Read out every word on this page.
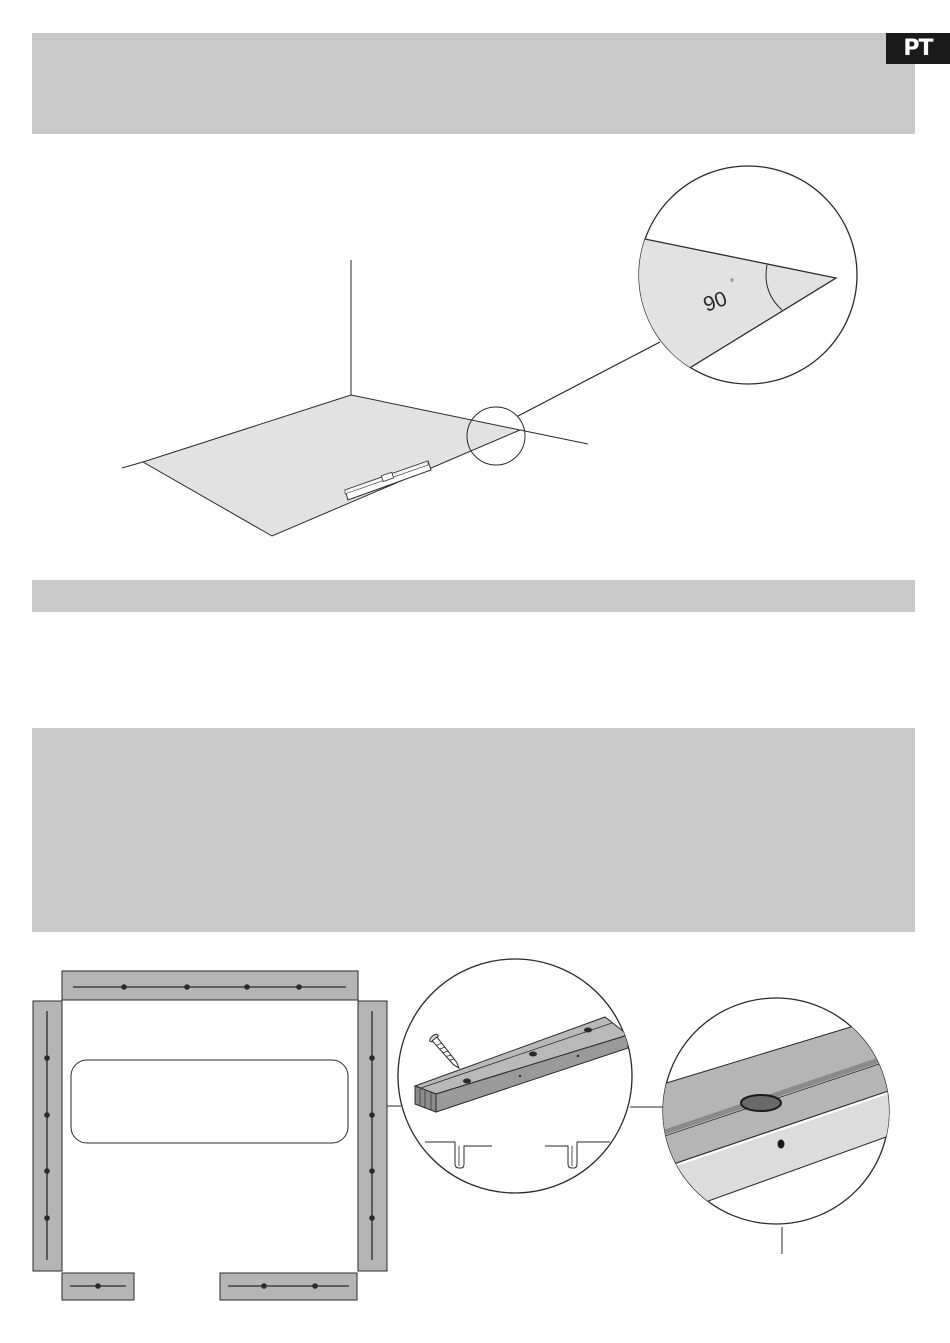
PT
90
°
